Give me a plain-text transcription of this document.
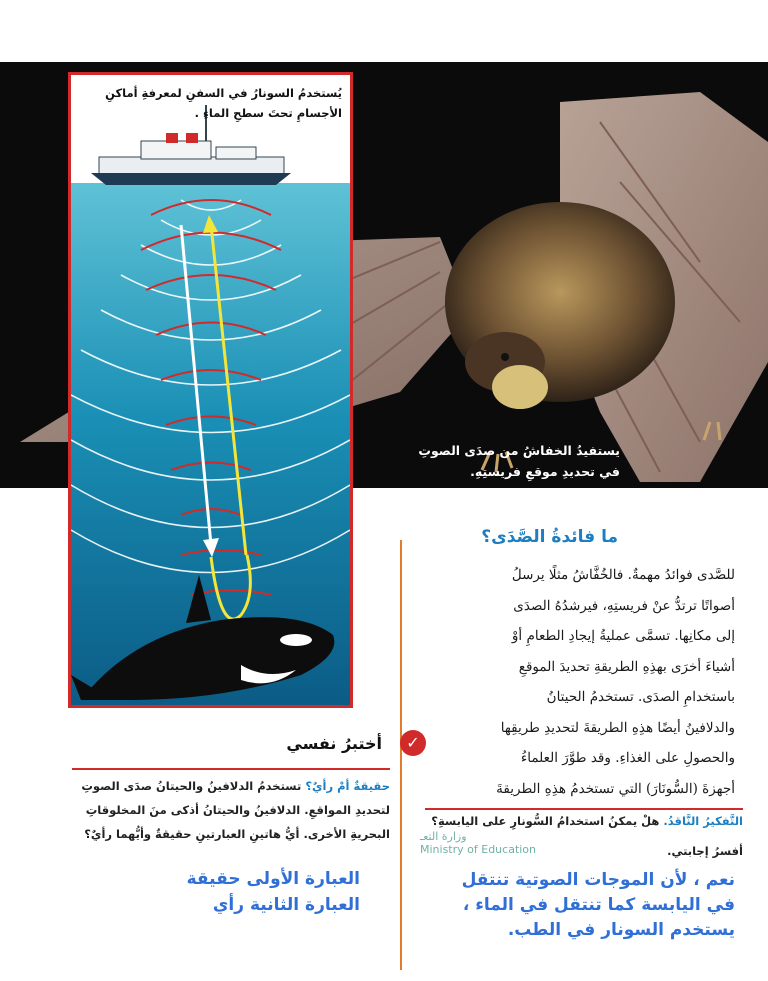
يستفيدُ الخفاشُ من صدَى الصوتِ
في تحديدِ موقعِ فريستِهِ.
يُستخدمُ السونارُ في السفنِ لمعرفةِ أماكنِ الأجسامِ تحتَ سطحِ الماءِ .
ما فائدةُ الصَّدَى؟
للصَّدى فوائدُ مهمةٌ. فالخُفَّاشُ مثلًا يرسلُ
أصواتًا ترتدُّ عنْ فريستِهِ، فيرشدُهُ الصدَى
إلى مكانِها. تسمَّى عمليةُ إيجادِ الطعامِ أوْ
أشياءَ أخرَى بهذِهِ الطريقةِ تحديدَ الموقعِ
باستخدامِ الصدَى. تستخدمُ الحيتانُ
والدلافينُ أيضًا هذِهِ الطريقةَ لتحديدِ طريقِها
والحصولِ على الغذاءِ. وقد طوَّرَ العلماءُ
أجهزةَ (السُّونَارَ) التي تستخدمُ هذِهِ الطريقةَ
التَّفكيرُ النَّاقدُ. هلْ يمكنُ استخدامُ السُّونارِ على اليابسةِ؟
أفسرُ إجابتي.
وزارة التعـ
Ministry of Education
نعم ، لأن الموجات الصوتية تنتقل في اليابسة كما تنتقل في الماء ، يستخدم السونار في الطب.
✓
أختبرُ نفسي
حقيقةٌ أمْ رأيٌ؟ تستخدمُ الدلافينُ والحيتانُ صدَى الصوتِ لتحديدِ المواقعِ. الدلافينُ والحيتانُ أذكى منَ المخلوقاتِ البحريةِ الأخرى. أيُّ هاتينِ العبارتينِ حقيقةٌ وأيُّهما رأيٌ؟
العبارة الأولى حقيقة
العبارة الثانية رأي
